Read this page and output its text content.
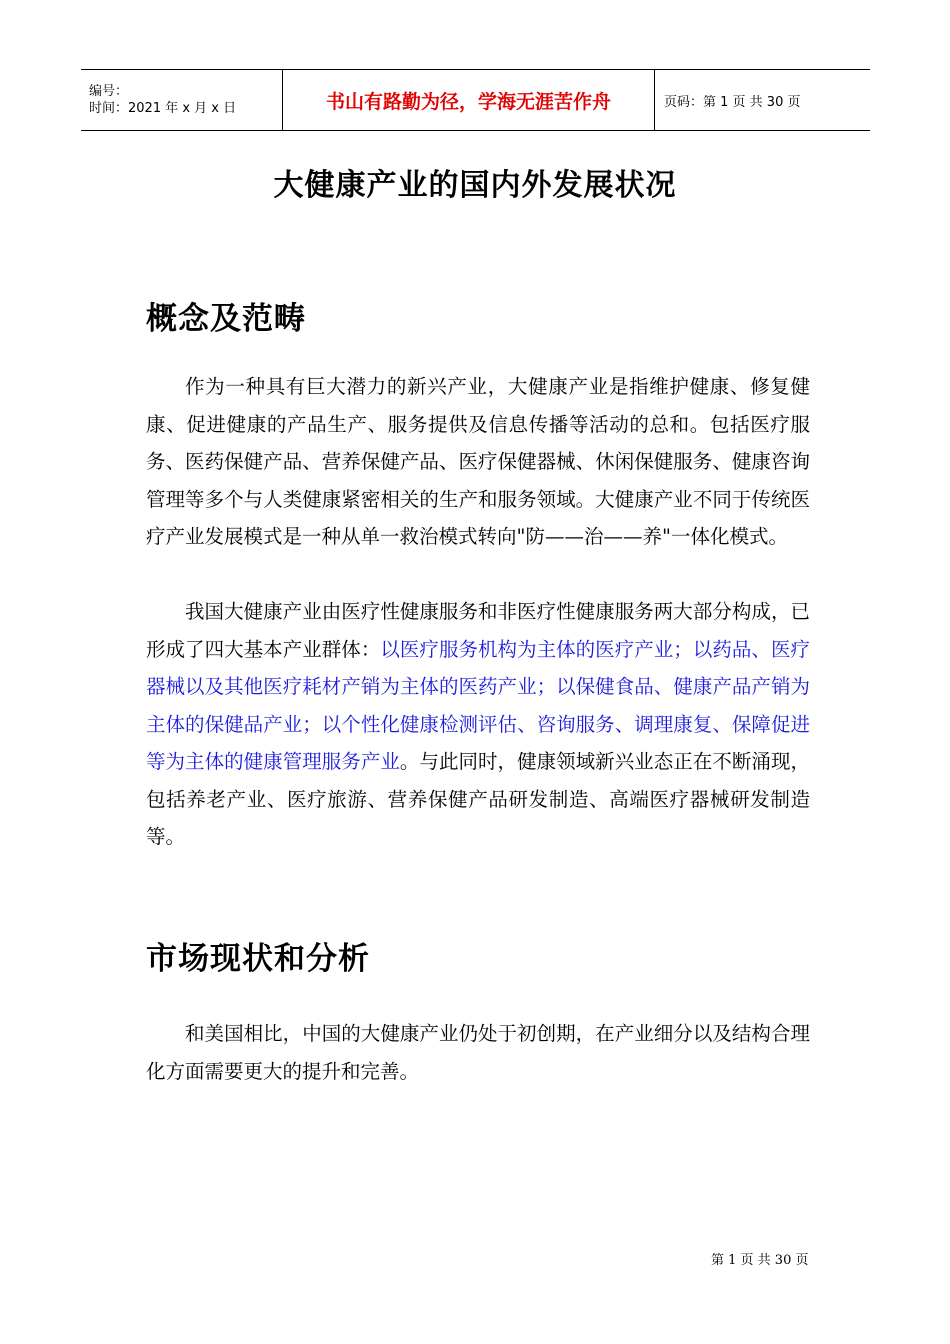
编号：
时间：2021 年 x 月 x 日	书山有路勤为径，学海无涯苦作舟	页码：第 1 页 共 30 页
大健康产业的国内外发展状况
概念及范畴

作为一种具有巨大潜力的新兴产业，大健康产业是指维护健康、修复健康、促进健康的产品生产、服务提供及信息传播等活动的总和。包括医疗服务、医药保健产品、营养保健产品、医疗保健器械、休闲保健服务、健康咨询管理等多个与人类健康紧密相关的生产和服务领域。大健康产业不同于传统医疗产业发展模式是一种从单一救治模式转向"防——治——养"一体化模式。

我国大健康产业由医疗性健康服务和非医疗性健康服务两大部分构成，已形成了四大基本产业群体：以医疗服务机构为主体的医疗产业；以药品、医疗器械以及其他医疗耗材产销为主体的医药产业；以保健食品、健康产品产销为主体的保健品产业；以个性化健康检测评估、咨询服务、调理康复、保障促进等为主体的健康管理服务产业。与此同时，健康领域新兴业态正在不断涌现，包括养老产业、医疗旅游、营养保健产品研发制造、高端医疗器械研发制造等。

市场现状和分析

和美国相比，中国的大健康产业仍处于初创期，在产业细分以及结构合理化方面需要更大的提升和完善。

第 1 页 共 30 页
